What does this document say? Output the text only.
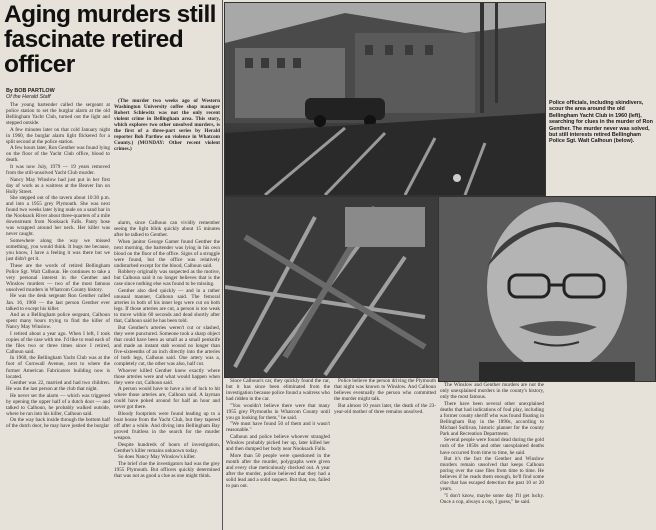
Aging murders still fascinate retired officer
By BOB PARTLOW
Of the Herald Staff

The young bartender called the sergeant at police station to set the burglar alarm at the old Bellingham Yacht Club, turned out the light and stepped outside.

A few minutes later on that cold January night in 1960, the burglar alarm light flickered for a split second at the police station.

A few hours later, Ron Genther was found lying on the floor of the Yacht Club office, blood to death.

It was now July, 1979 — 19 years removed from the still-unsolved Yacht Club murder.

Nancy May Winslow had just put in her first day of work as a waitress at the Beaver Inn on Holly Street.

She stepped out of the tavern about 10:30 p.m. and into a 1955 grey Plymouth. She was next found two weeks later lying nude on a sand bar in the Nooksack River about three-quarters of a mile downstream from Nooksack Falls. Panty hose was wrapped around her neck. Her killer was never caught.

Somewhere along the way we missed something, you would think. It bugs me because, you know, I have a feeling it was there but we just didn't get it.

These are the words of retired Bellingham Police Sgt. Walt Calhoun. He continues to take a very personal interest in the Genther and Winslow murders — two of the most famous unsolved murders in Whatcom County history.

He was the desk sergeant Ron Genther called Jan. 16, 1960 — the last person Genther ever talked to except his killer.

And as a Bellingham police sergeant, Calhoun spent many hours trying to find the killer of Nancy May Winslow.

I retired about a year ago. When I left, I took copies of the case with me. I'd like to read each of the files two or three times since I retired, Calhoun said.

In 1960, the Bellingham Yacht Club was at the foot of Cornwall Avenue, next to where the former American Fabricators building now is located.

Genther was 22, married and had two children. He was the last person at the club that night.

He never set the alarm — which was triggered by opening the upper half of a dutch door — and talked to Calhoun, he probably walked outside, where he ran into his killer, Calhoun said.

On the way back inside through the bottom half of the dutch door, he may have jostled the burglar

(The murder two weeks ago of Western Washington University coffee shop manager Robert Schlewitz was not the only recent violent crime in Bellingham area. This story, which explores two other unsolved murders, is the first of a three-part series by Herald reporter Bob Partlow on violence in Whatcom County.) (MONDAY: Other recent violent crimes.)

alarm, since Calhoun can vividly remember seeing the light blink quickly about 15 minutes after he talked to Genther.

When janitor George Gamer found Genther the next morning, the bartender was lying in his own blood on the floor of the office. Signs of a struggle were found, but the office was relatively undisturbed except for the blood, Calhoun said.

Robbery originally was suspected as the motive, but Calhoun said it no longer believes that is the case since nothing else was found to be missing.

Genther also died quickly — and in a rather unusual manner, Calhoun said. The femoral arteries in both of his inner legs were cut on both legs. If those arteries are cut, a person is too weak to move within 60 seconds and dead shortly after that, Calhoun said he has been told.

But Genther's arteries weren't cut or slashed, they were punctured. Someone took a sharp object that could have been as small as a small penknife and made an instant stab wound no longer than five-sixteenths of an inch directly into the arteries of both legs, Calhoun said. One artery was a, completely cut, the other was also, half cut.

Whoever killed Genther knew exactly where those arteries were and what would happen when they were cut, Calhoun said.

A person would have to have a lot of luck to hit where those arteries are, Calhoun said. A layman could have poked around for half an hour and never got there.

Bloody footprints were found leading up to a boat house from the Yacht Club, but they tapered off after a while. And diving into Bellingham Bay proved fruitless in the search for the murder weapon.

Despite hundreds of hours of investigation, Genther's killer remains unknown today.

So does Nancy May Winslow's killer.

The brief clue the investigators had was the grey 1955 Plymouth. But officers quickly determined that was not as good a clue as one might think.

Police officials, including skindivers, scour the area around the old Bellingham Yacht Club in 1960 (left), searching for clues in the murder of Ron Genther. The murder never was solved, but still interests retired Bellingham Police Sgt. Walt Calhoun (below).

Since Calhoun's car, they quickly found the car, but it has since been eliminated from the investigation because police found a waitress who had ridden in the car.

"You wouldn't believe there were that many 1955 grey Plymouths in Whatcom County until you go looking for them," he said.

"We must have found 50 of them and it wasn't reasonable."

Calhoun and police believe whoever strangled Winslow probably picked her up, later killed her and then dumped her body near Nooksack Falls.

More than 50 people were questioned in the month after the murder, polygraphs were given and every clue meticulously checked out. A year after the murder, police believed that they had a solid lead and a solid suspect. But that, too, failed to pan out.

Police believe the person driving the Plymouth that night was known to Winslow. And Calhoun believes eventually the person who committed the murder might talk.

But almost 10 years later, the death of the 23-year-old mother of three remains unsolved.

The Winslow and Genther murders are not the only unexplained murders in the county's history, only the most famous.

There have been several other unexplained deaths that had indications of foul play, including a former county sheriff who was found floating in Bellingham Bay in the 1890s, according to Michael Sullivan, historic planner for the county Park and Recreation Department.

Several people were found dead during the gold rush of the 1850s and other unexplained deaths have occurred from time to time, he said.

But it's the fact the Genther and Winslow murders remain unsolved that keeps Calhoun poring over the case files from time to time. He believes if he reads them enough, he'll find some clue that has escaped detection the past 10 or 20 years.

"I don't know, maybe some day I'll get lucky. Once a cop, always a cop, I guess," he said.
